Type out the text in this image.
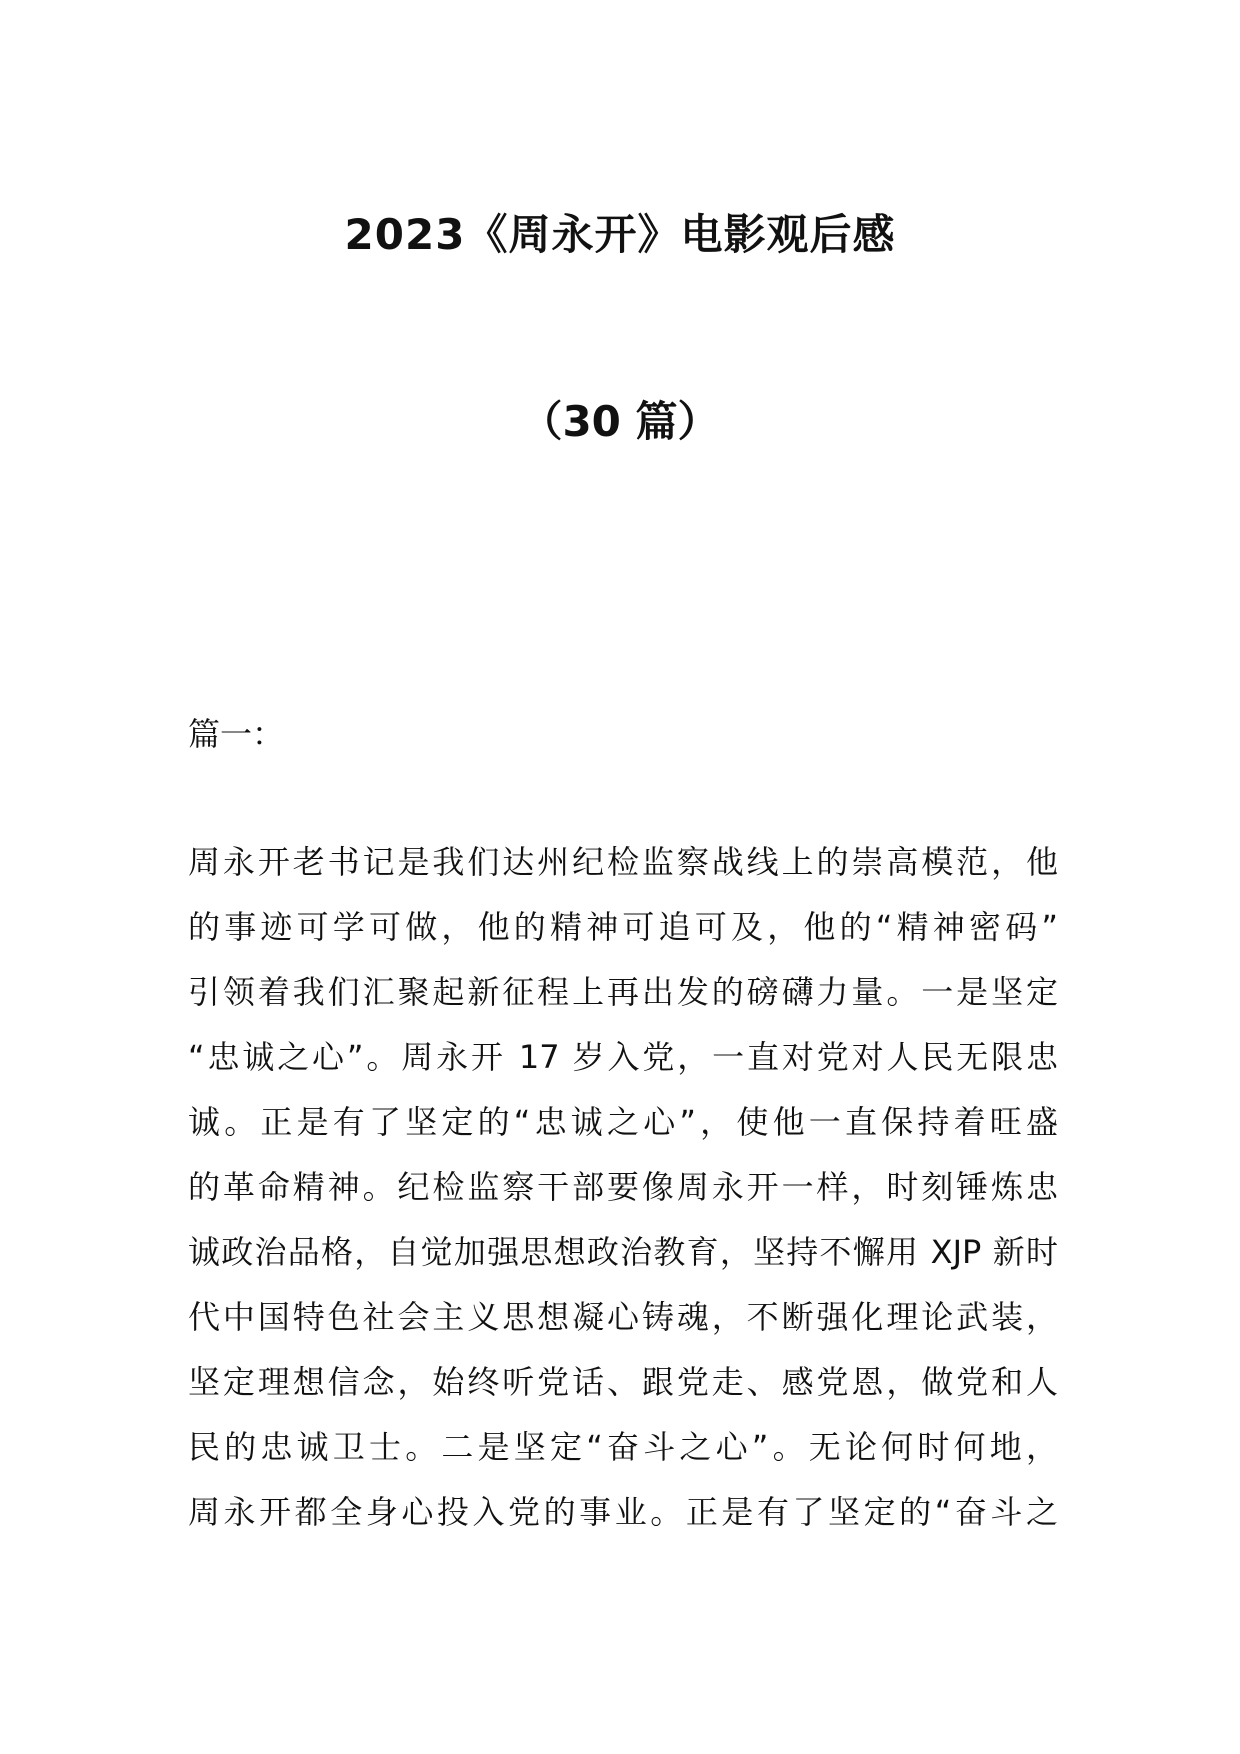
2023《周永开》电影观后感
（30 篇）
篇一：
周永开老书记是我们达州纪检监察战线上的崇高模范，他
的事迹可学可做，他的精神可追可及，他的“精神密码”
引领着我们汇聚起新征程上再出发的磅礴力量。一是坚定
“忠诚之心”。周永开 17 岁入党，一直对党对人民无限忠
诚。正是有了坚定的“忠诚之心”，使他一直保持着旺盛
的革命精神。纪检监察干部要像周永开一样，时刻锤炼忠
诚政治品格，自觉加强思想政治教育，坚持不懈用 XJP 新时
代中国特色社会主义思想凝心铸魂，不断强化理论武装，
坚定理想信念，始终听党话、跟党走、感党恩，做党和人
民的忠诚卫士。二是坚定“奋斗之心”。无论何时何地，
周永开都全身心投入党的事业。正是有了坚定的“奋斗之
